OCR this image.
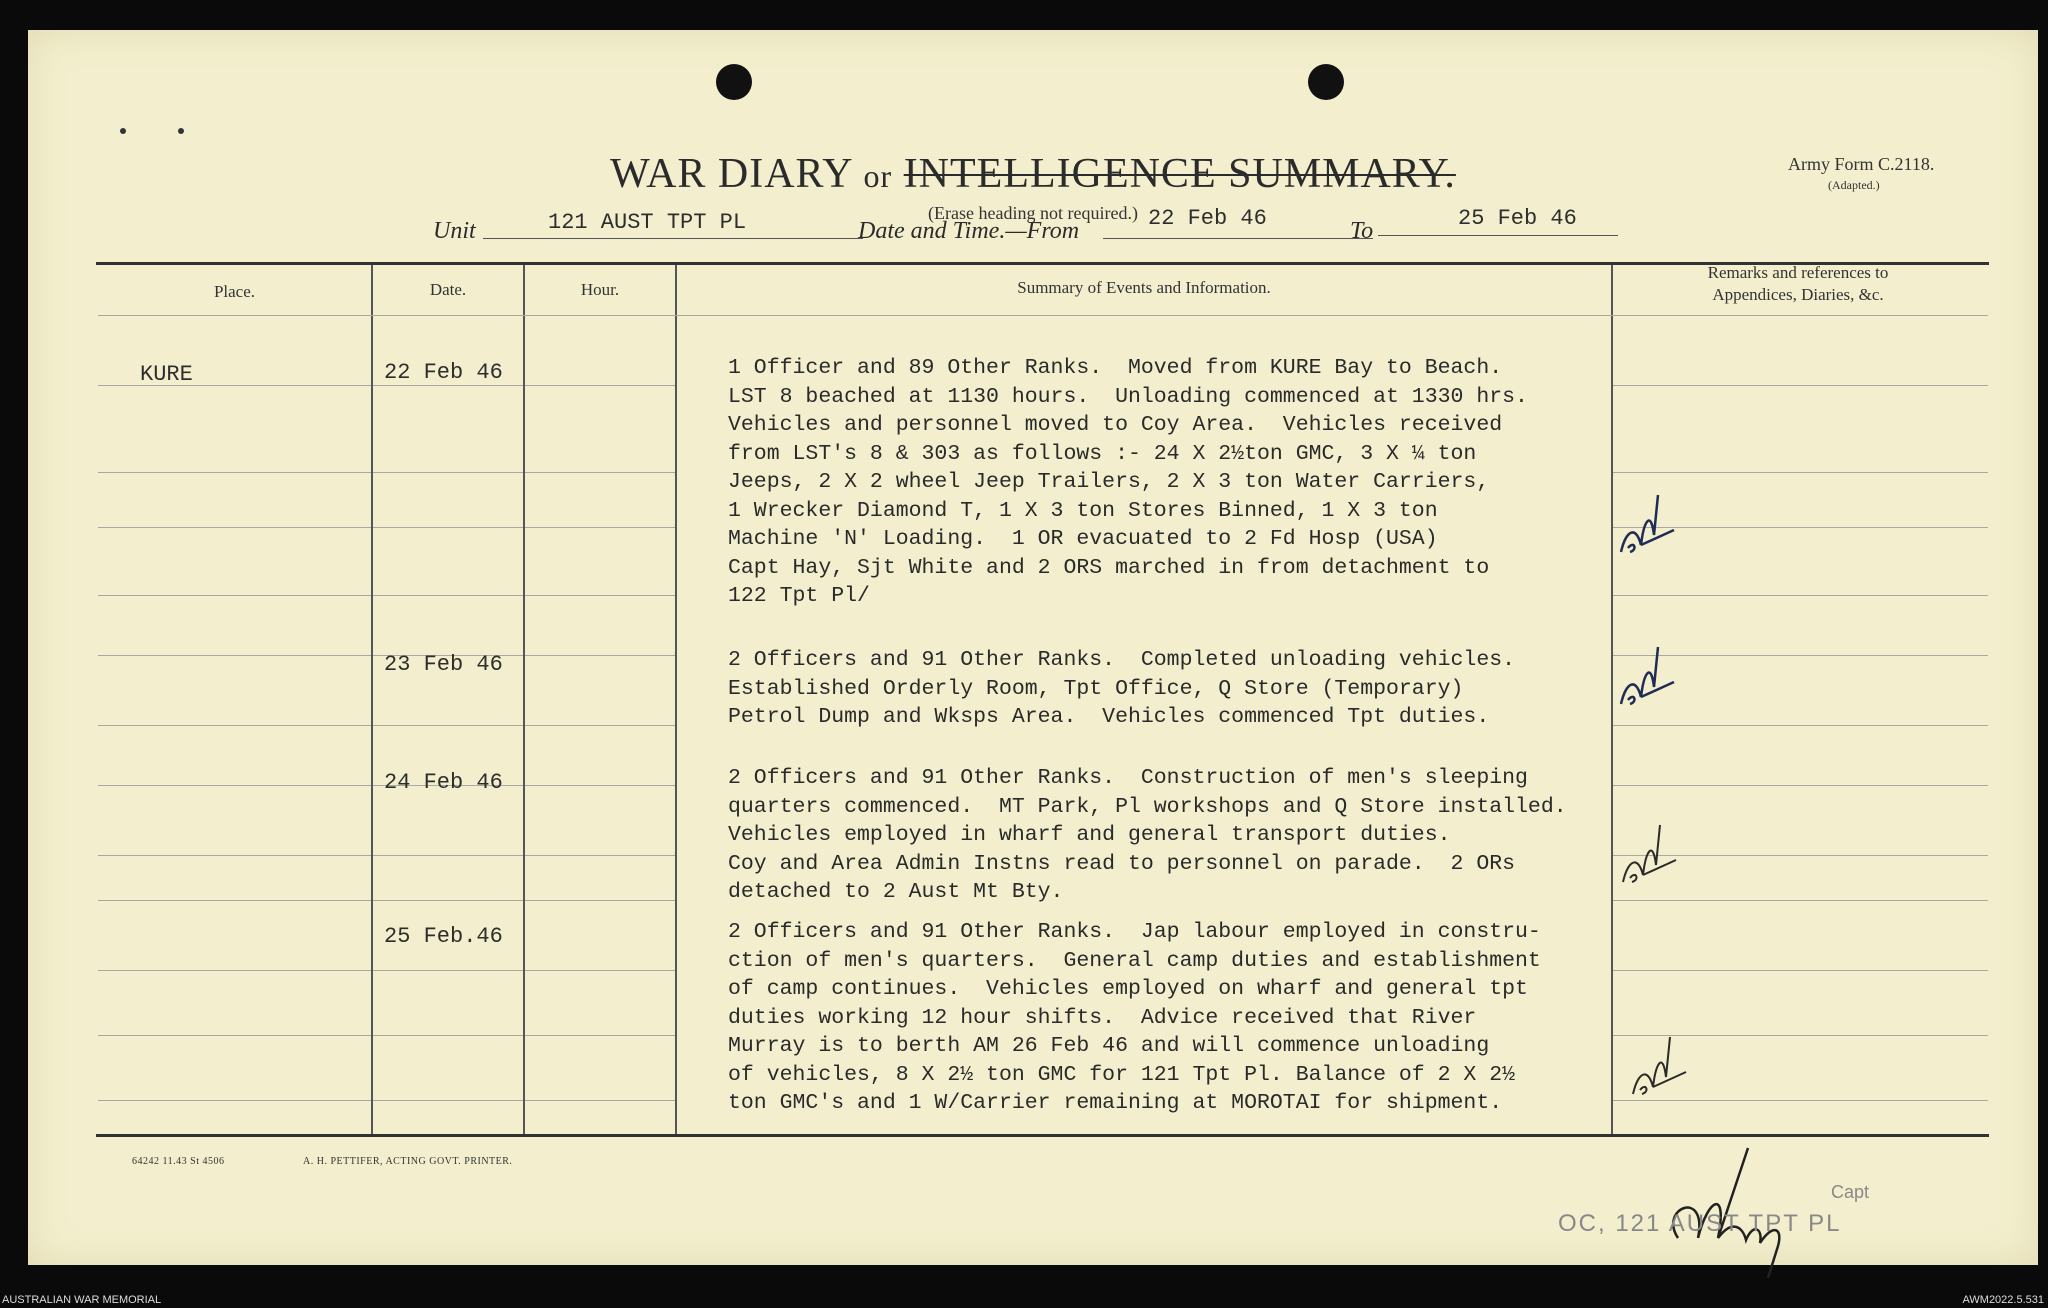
WAR DIARY or INTELLIGENCE SUMMARY.
(Erase heading not required.)
Army Form C.2118.
(Adapted.)
Unit	121 AUST TPT PL	Date and Time.—From	22 Feb 46	To	25 Feb 46
Place.	Date.	Hour.	Summary of Events and Information.
Remarks and references to Appendices, Diaries, &c.
KURE	22 Feb 46	1 Officer and 89 Other Ranks.  Moved from KURE Bay to Beach.
LST 8 beached at 1130 hours.  Unloading commenced at 1330 hrs.
Vehicles and personnel moved to Coy Area.  Vehicles received
from LST's 8 & 303 as follows :- 24 X 2½ton GMC, 3 X ¼ ton
Jeeps, 2 X 2 wheel Jeep Trailers, 2 X 3 ton Water Carriers,
1 Wrecker Diamond T, 1 X 3 ton Stores Binned, 1 X 3 ton
Machine 'N' Loading.  1 OR evacuated to 2 Fd Hosp (USA)
Capt Hay, Sjt White and 2 ORS marched in from detachment to
122 Tpt Pl/
23 Feb 46	2 Officers and 91 Other Ranks.  Completed unloading vehicles.
Established Orderly Room, Tpt Office, Q Store (Temporary)
Petrol Dump and Wksps Area.  Vehicles commenced Tpt duties.
24 Feb 46	2 Officers and 91 Other Ranks.  Construction of men's sleeping
quarters commenced.  MT Park, Pl workshops and Q Store installed.
Vehicles employed in wharf and general transport duties.
Coy and Area Admin Instns read to personnel on parade.  2 ORs
detached to 2 Aust Mt Bty.
25 Feb.46	2 Officers and 91 Other Ranks.  Jap labour employed in constru-
ction of men's quarters.  General camp duties and establishment
of camp continues.  Vehicles employed on wharf and general tpt
duties working 12 hour shifts.  Advice received that River
Murray is to berth AM 26 Feb 46 and will commence unloading
of vehicles, 8 X 2½ ton GMC for 121 Tpt Pl. Balance of 2 X 2½
ton GMC's and 1 W/Carrier remaining at MOROTAI for shipment.
64242 11.43 St 4506	A. H. PETTIFER, ACTING GOVT. PRINTER.
Capt
OC, 121 AUST TPT PL
AUSTRALIAN WAR MEMORIAL	AWM2022.5.531
